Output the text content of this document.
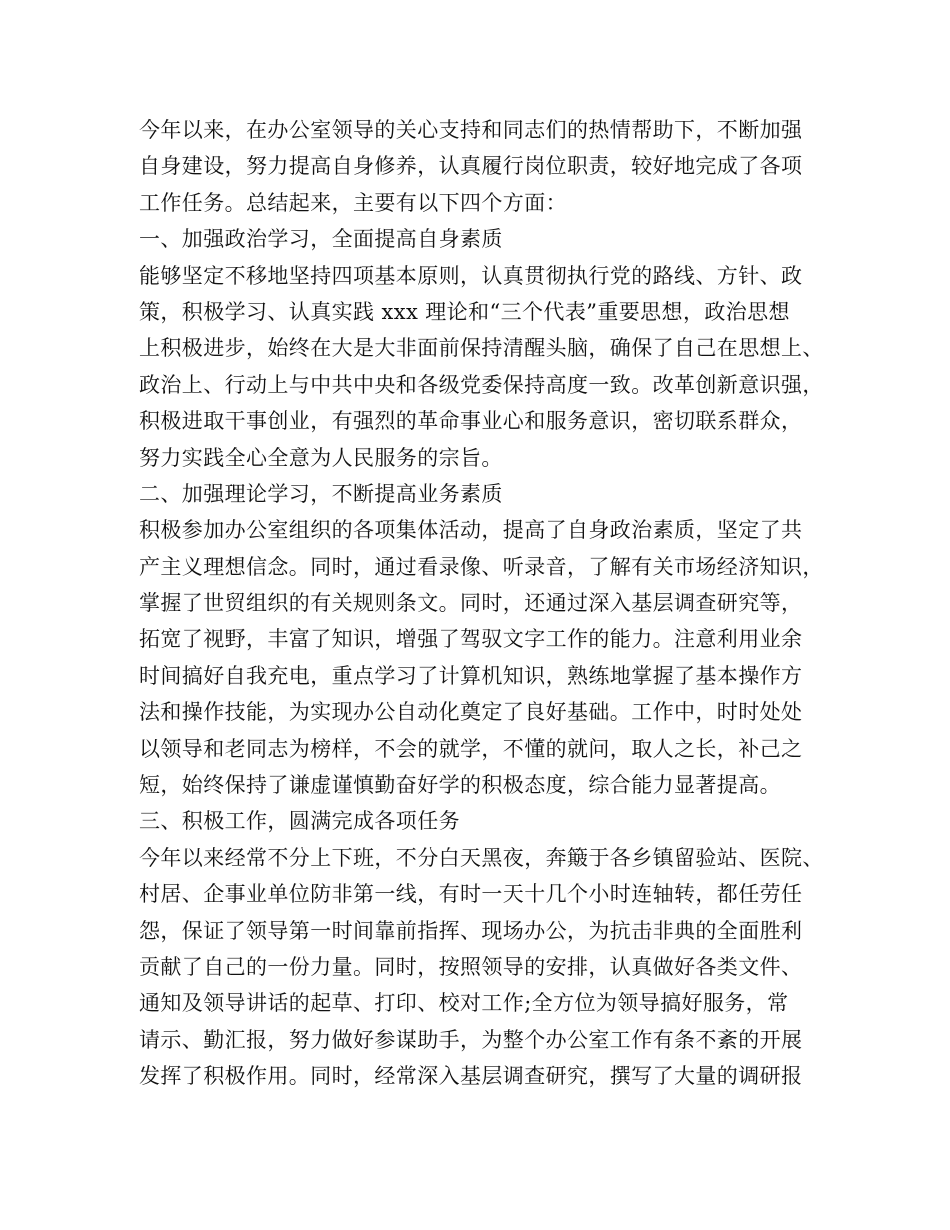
今年以来，在办公室领导的关心支持和同志们的热情帮助下，不断加强
自身建设，努力提高自身修养，认真履行岗位职责，较好地完成了各项
工作任务。总结起来，主要有以下四个方面：
一、加强政治学习，全面提高自身素质
能够坚定不移地坚持四项基本原则，认真贯彻执行党的路线、方针、政
策，积极学习、认真实践 xxx 理论和“三个代表”重要思想，政治思想
上积极进步，始终在大是大非面前保持清醒头脑，确保了自己在思想上、
政治上、行动上与中共中央和各级党委保持高度一致。改革创新意识强，
积极进取干事创业，有强烈的革命事业心和服务意识，密切联系群众，
努力实践全心全意为人民服务的宗旨。
二、加强理论学习，不断提高业务素质
积极参加办公室组织的各项集体活动，提高了自身政治素质，坚定了共
产主义理想信念。同时，通过看录像、听录音，了解有关市场经济知识，
掌握了世贸组织的有关规则条文。同时，还通过深入基层调查研究等，
拓宽了视野，丰富了知识，增强了驾驭文字工作的能力。注意利用业余
时间搞好自我充电，重点学习了计算机知识，熟练地掌握了基本操作方
法和操作技能，为实现办公自动化奠定了良好基础。工作中，时时处处
以领导和老同志为榜样，不会的就学，不懂的就问，取人之长，补己之
短，始终保持了谦虚谨慎勤奋好学的积极态度，综合能力显著提高。
三、积极工作，圆满完成各项任务
今年以来经常不分上下班，不分白天黑夜，奔簸于各乡镇留验站、医院、
村居、企事业单位防非第一线，有时一天十几个小时连轴转，都任劳任
怨，保证了领导第一时间靠前指挥、现场办公，为抗击非典的全面胜利
贡献了自己的一份力量。同时，按照领导的安排，认真做好各类文件、
通知及领导讲话的起草、打印、校对工作;全方位为领导搞好服务，常
请示、勤汇报，努力做好参谋助手，为整个办公室工作有条不紊的开展
发挥了积极作用。同时，经常深入基层调查研究，撰写了大量的调研报
